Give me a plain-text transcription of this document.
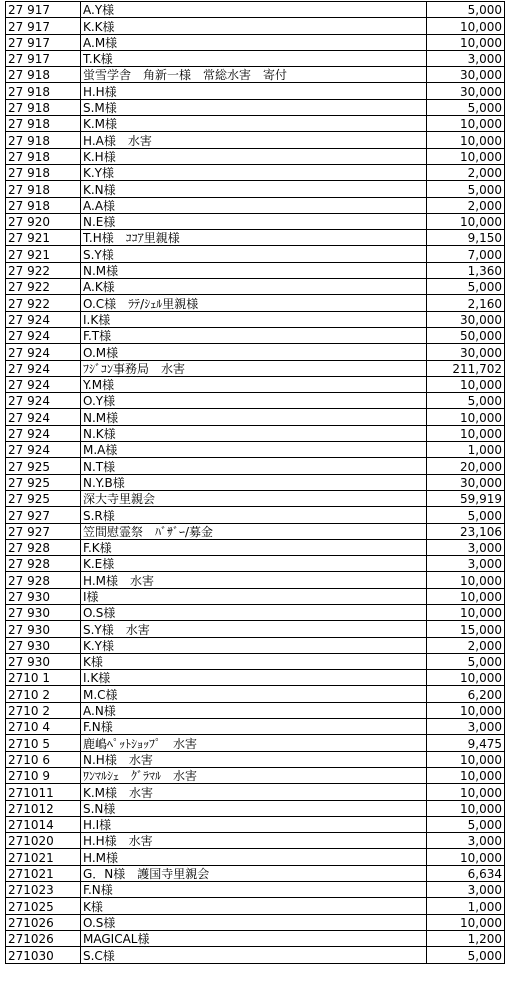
27 917	A.Y様	5,000
27 917	K.K様	10,000
27 917	A.M様	10,000
27 917	T.K様	3,000
27 918	蛍雪学舎　角新一様　常総水害　寄付	30,000
27 918	H.H様	30,000
27 918	S.M様	5,000
27 918	K.M様	10,000
27 918	H.A様　水害	10,000
27 918	K.H様	10,000
27 918	K.Y様	2,000
27 918	K.N様	5,000
27 918	A.A様	2,000
27 920	N.E様	10,000
27 921	T.H様　ｺｺｱ里親様	9,150
27 921	S.Y様	7,000
27 922	N.M様	1,360
27 922	A.K様	5,000
27 922	O.C様　ﾗﾃ/ｼｪﾙ里親様	2,160
27 924	I.K様	30,000
27 924	F.T様	50,000
27 924	O.M様	30,000
27 924	ﾌｼﾞｺﾝ事務局　水害	211,702
27 924	Y.M様	10,000
27 924	O.Y様	5,000
27 924	N.M様	10,000
27 924	N.K様	10,000
27 924	M.A様	1,000
27 925	N.T様	20,000
27 925	N.Y.B様	30,000
27 925	深大寺里親会	59,919
27 927	S.R様	5,000
27 927	笠間慰霊祭　ﾊﾞｻﾞｰ/募金	23,106
27 928	F.K様	3,000
27 928	K.E様	3,000
27 928	H.M様　水害	10,000
27 930	I様	10,000
27 930	O.S様	10,000
27 930	S.Y様　水害	15,000
27 930	K.Y様	2,000
27 930	K様	5,000
2710 1	I.K様	10,000
2710 2	M.C様	6,200
2710 2	A.N様	10,000
2710 4	F.N様	3,000
2710 5	鹿嶋ﾍﾟｯﾄｼｮｯﾌﾟ　水害	9,475
2710 6	N.H様　水害	10,000
2710 9	ﾜﾝﾏﾙｼｪ　ｸﾞﾗﾏﾙ　水害	10,000
271011	K.M様　水害	10,000
271012	S.N様	10,000
271014	H.I様	5,000
271020	H.H様　水害	3,000
271021	H.M様	10,000
271021	G．N様　護国寺里親会	6,634
271023	F.N様	3,000
271025	K様	1,000
271026	O.S様	10,000
271026	MAGICAL様	1,200
271030	S.C様	5,000
